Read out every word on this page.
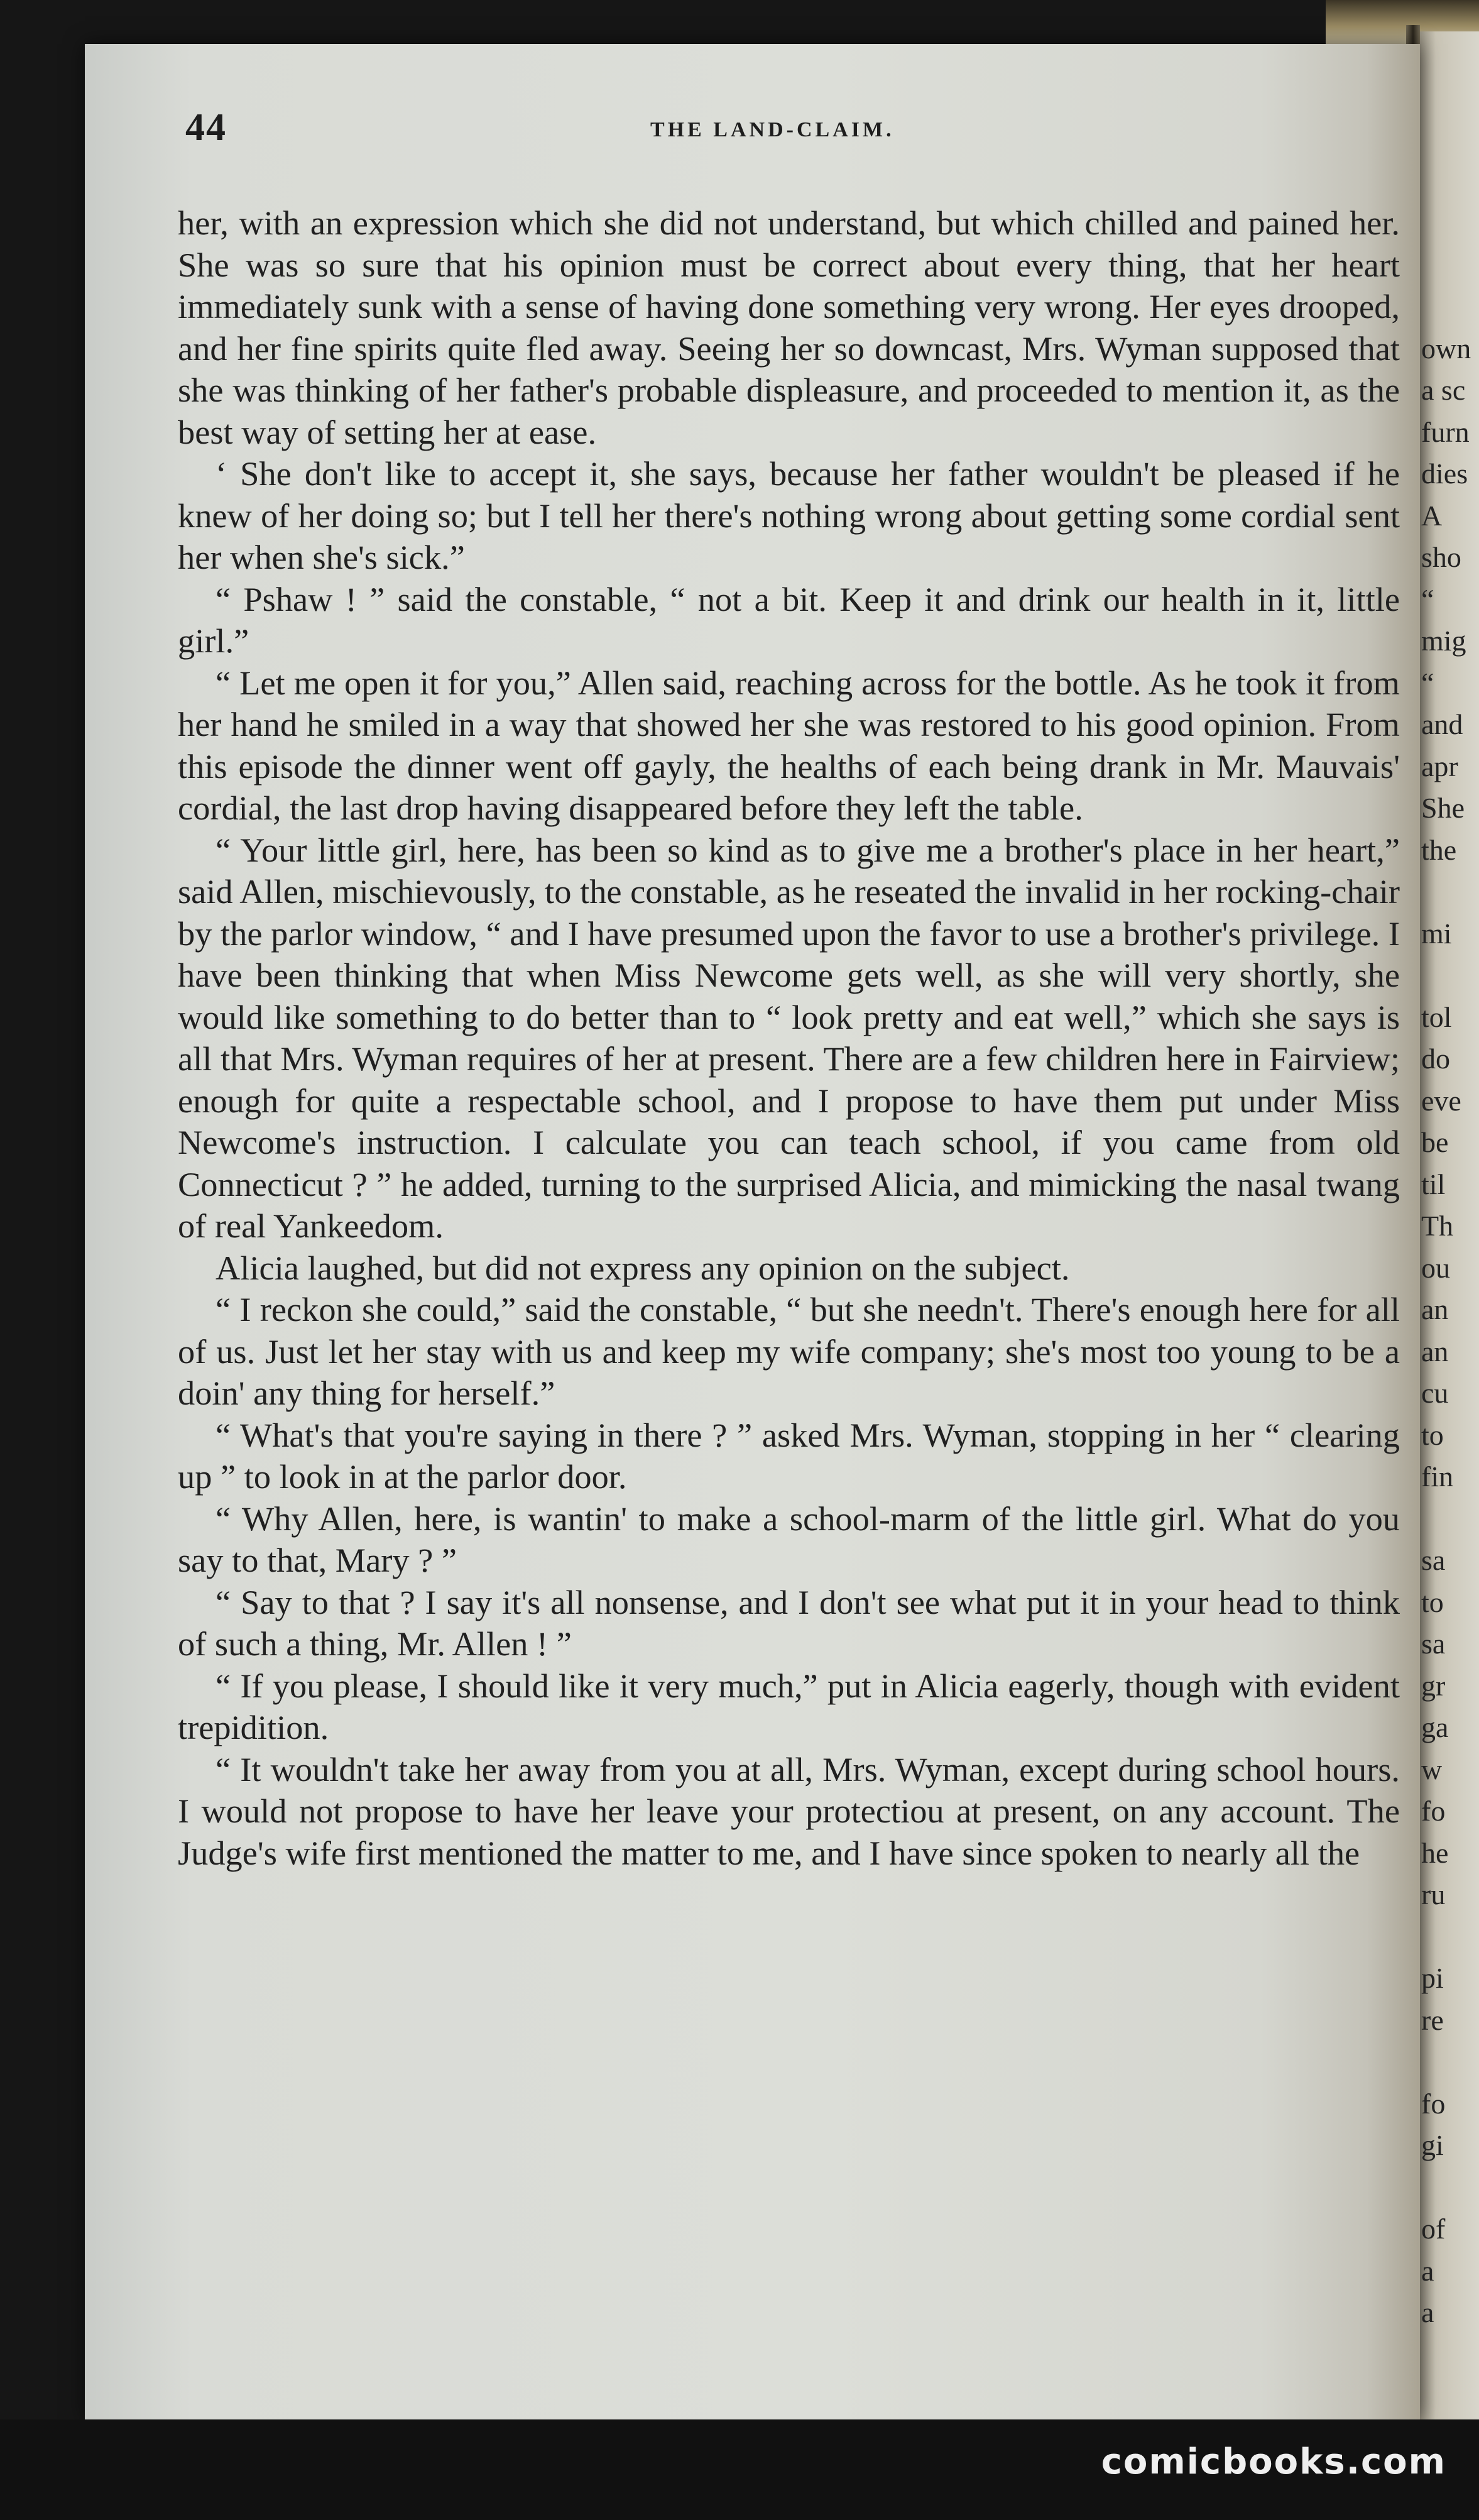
44	THE LAND-CLAIM.

her, with an expression which she did not understand, but which chilled and pained her. She was so sure that his opinion must be correct about every thing, that her heart immediately sunk with a sense of having done something very wrong. Her eyes drooped, and her fine spirits quite fled away. Seeing her so downcast, Mrs. Wyman supposed that she was thinking of her father's probable displeasure, and proceeded to mention it, as the best way of setting her at ease.

‘ She don't like to accept it, she says, because her father wouldn't be pleased if he knew of her doing so; but I tell her there's nothing wrong about getting some cordial sent her when she's sick.”

“ Pshaw ! ” said the constable, “ not a bit. Keep it and drink our health in it, little girl.”

“ Let me open it for you,” Allen said, reaching across for the bottle. As he took it from her hand he smiled in a way that showed her she was restored to his good opinion. From this episode the dinner went off gayly, the healths of each being drank in Mr. Mauvais' cordial, the last drop having disappeared before they left the table.

“ Your little girl, here, has been so kind as to give me a brother's place in her heart,” said Allen, mischievously, to the constable, as he reseated the invalid in her rocking-chair by the parlor window, “ and I have presumed upon the favor to use a brother's privilege. I have been thinking that when Miss Newcome gets well, as she will very shortly, she would like something to do better than to “ look pretty and eat well,” which she says is all that Mrs. Wyman requires of her at present. There are a few children here in Fairview; enough for quite a respectable school, and I propose to have them put under Miss Newcome's instruction. I calculate you can teach school, if you came from old Connecticut ? ” he added, turning to the surprised Alicia, and mimicking the nasal twang of real Yankeedom.

Alicia laughed, but did not express any opinion on the subject.

“ I reckon she could,” said the constable, “ but she needn't. There's enough here for all of us. Just let her stay with us and keep my wife company; she's most too young to be a doin' any thing for herself.”

“ What's that you're saying in there ? ” asked Mrs. Wyman, stopping in her “ clearing up ” to look in at the parlor door.

“ Why Allen, here, is wantin' to make a school-marm of the little girl. What do you say to that, Mary ? ”

“ Say to that ? I say it's all nonsense, and I don't see what put it in your head to think of such a thing, Mr. Allen ! ”

“ If you please, I should like it very much,” put in Alicia eagerly, though with evident trepidition.

“ It wouldn't take her away from you at all, Mrs. Wyman, except during school hours. I would not propose to have her leave your protectiou at present, on any account. The Judge's wife first mentioned the matter to me, and I have since spoken to nearly all the

own
a sc
furn
dies
A
sho
“
mig
“
and
apr
She
the
mi
tol
do
eve
be
til
Th
ou
an
an
cu
to
fin
sa
to
sa
gr
ga
w
fo
he
ru
pi
re
fo
gi
of
a
a
comicbooks.com
